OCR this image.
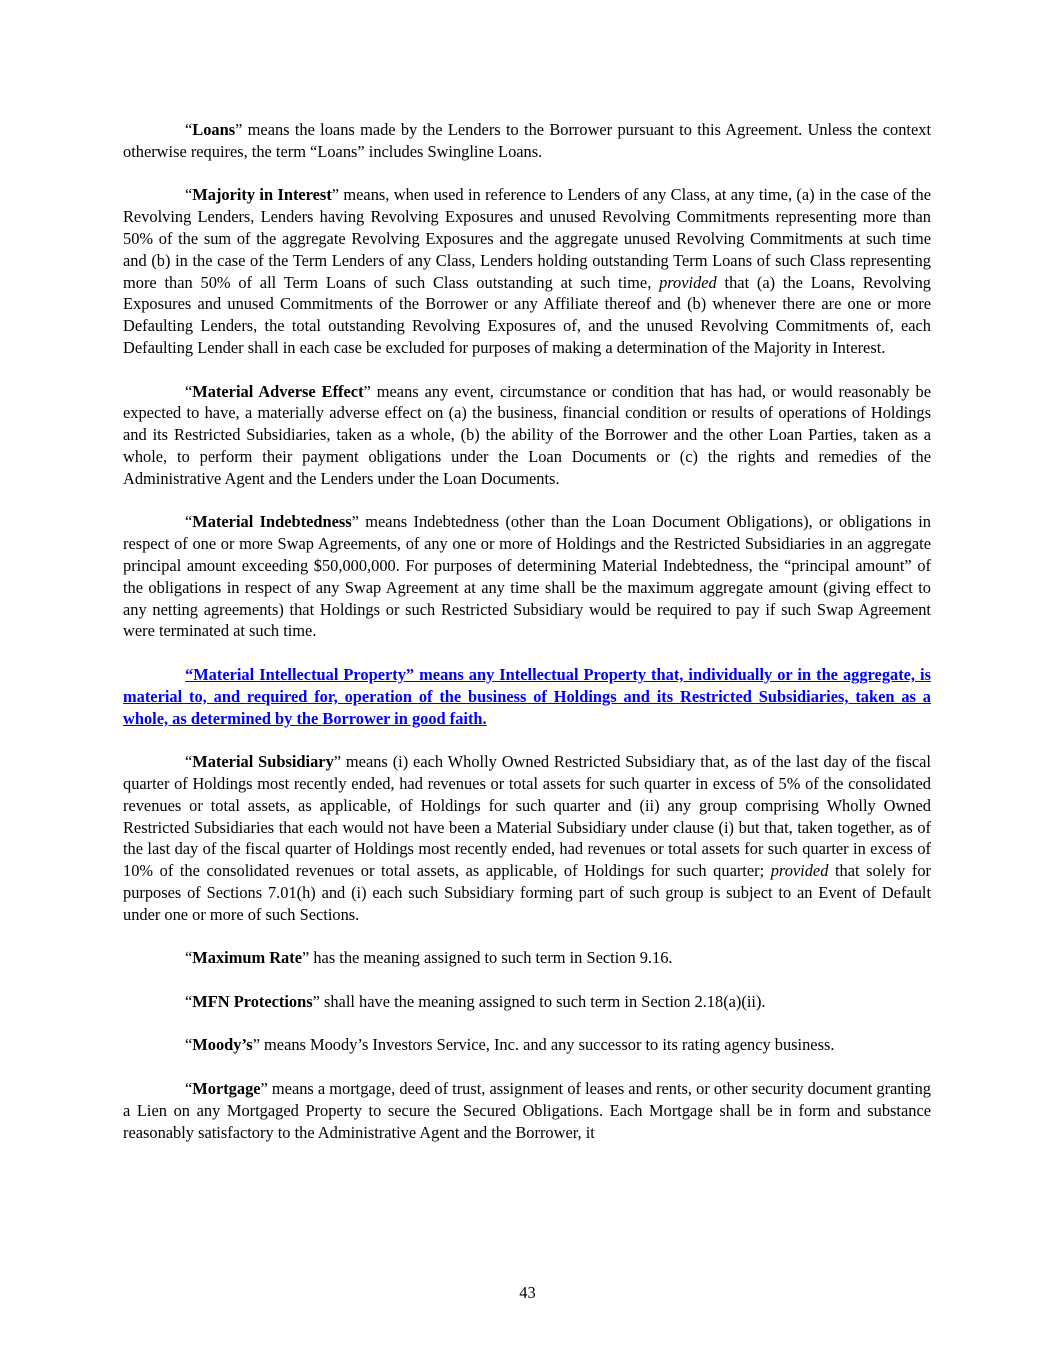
“Loans” means the loans made by the Lenders to the Borrower pursuant to this Agreement. Unless the context otherwise requires, the term “Loans” includes Swingline Loans.

“Majority in Interest” means, when used in reference to Lenders of any Class, at any time, (a) in the case of the Revolving Lenders, Lenders having Revolving Exposures and unused Revolving Commitments representing more than 50% of the sum of the aggregate Revolving Exposures and the aggregate unused Revolving Commitments at such time and (b) in the case of the Term Lenders of any Class, Lenders holding outstanding Term Loans of such Class representing more than 50% of all Term Loans of such Class outstanding at such time, provided that (a) the Loans, Revolving Exposures and unused Commitments of the Borrower or any Affiliate thereof and (b) whenever there are one or more Defaulting Lenders, the total outstanding Revolving Exposures of, and the unused Revolving Commitments of, each Defaulting Lender shall in each case be excluded for purposes of making a determination of the Majority in Interest.

“Material Adverse Effect” means any event, circumstance or condition that has had, or would reasonably be expected to have, a materially adverse effect on (a) the business, financial condition or results of operations of Holdings and its Restricted Subsidiaries, taken as a whole, (b) the ability of the Borrower and the other Loan Parties, taken as a whole, to perform their payment obligations under the Loan Documents or (c) the rights and remedies of the Administrative Agent and the Lenders under the Loan Documents.

“Material Indebtedness” means Indebtedness (other than the Loan Document Obligations), or obligations in respect of one or more Swap Agreements, of any one or more of Holdings and the Restricted Subsidiaries in an aggregate principal amount exceeding $50,000,000. For purposes of determining Material Indebtedness, the “principal amount” of the obligations in respect of any Swap Agreement at any time shall be the maximum aggregate amount (giving effect to any netting agreements) that Holdings or such Restricted Subsidiary would be required to pay if such Swap Agreement were terminated at such time.

“Material Intellectual Property” means any Intellectual Property that, individually or in the aggregate, is material to, and required for, operation of the business of Holdings and its Restricted Subsidiaries, taken as a whole, as determined by the Borrower in good faith.

“Material Subsidiary” means (i) each Wholly Owned Restricted Subsidiary that, as of the last day of the fiscal quarter of Holdings most recently ended, had revenues or total assets for such quarter in excess of 5% of the consolidated revenues or total assets, as applicable, of Holdings for such quarter and (ii) any group comprising Wholly Owned Restricted Subsidiaries that each would not have been a Material Subsidiary under clause (i) but that, taken together, as of the last day of the fiscal quarter of Holdings most recently ended, had revenues or total assets for such quarter in excess of 10% of the consolidated revenues or total assets, as applicable, of Holdings for such quarter; provided that solely for purposes of Sections 7.01(h) and (i) each such Subsidiary forming part of such group is subject to an Event of Default under one or more of such Sections.

“Maximum Rate” has the meaning assigned to such term in Section 9.16.

“MFN Protections” shall have the meaning assigned to such term in Section 2.18(a)(ii).

“Moody’s” means Moody’s Investors Service, Inc. and any successor to its rating agency business.

“Mortgage” means a mortgage, deed of trust, assignment of leases and rents, or other security document granting a Lien on any Mortgaged Property to secure the Secured Obligations. Each Mortgage shall be in form and substance reasonably satisfactory to the Administrative Agent and the Borrower, it

43
